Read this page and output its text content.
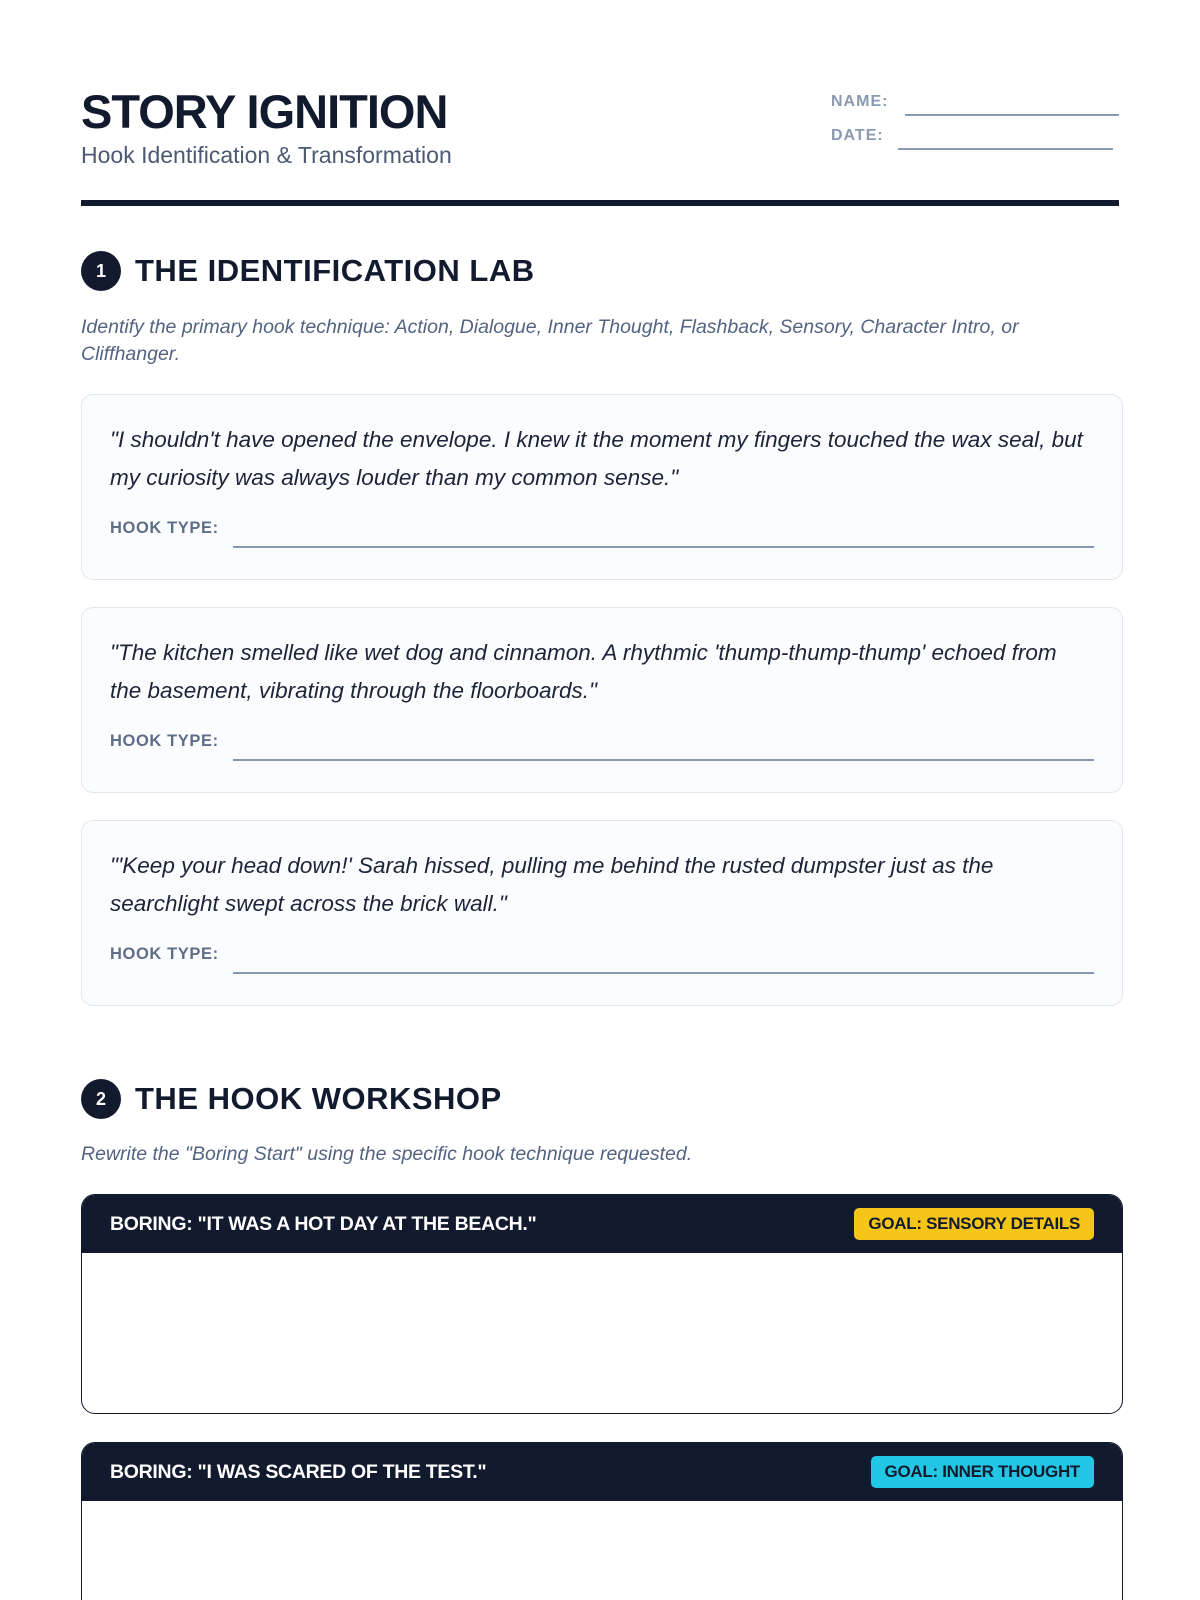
STORY IGNITION
Hook Identification & Transformation
NAME:
DATE:
1 THE IDENTIFICATION LAB

Identify the primary hook technique: Action, Dialogue, Inner Thought, Flashback, Sensory, Character Intro, or Cliffhanger.

"I shouldn't have opened the envelope. I knew it the moment my fingers touched the wax seal, but my curiosity was always louder than my common sense."

HOOK TYPE:

"The kitchen smelled like wet dog and cinnamon. A rhythmic 'thump-thump-thump' echoed from the basement, vibrating through the floorboards."

HOOK TYPE:

"'Keep your head down!' Sarah hissed, pulling me behind the rusted dumpster just as the searchlight swept across the brick wall."

HOOK TYPE:
2 THE HOOK WORKSHOP

Rewrite the "Boring Start" using the specific hook technique requested.

BORING: "IT WAS A HOT DAY AT THE BEACH."	GOAL: SENSORY DETAILS
BORING: "I WAS SCARED OF THE TEST."	GOAL: INNER THOUGHT
